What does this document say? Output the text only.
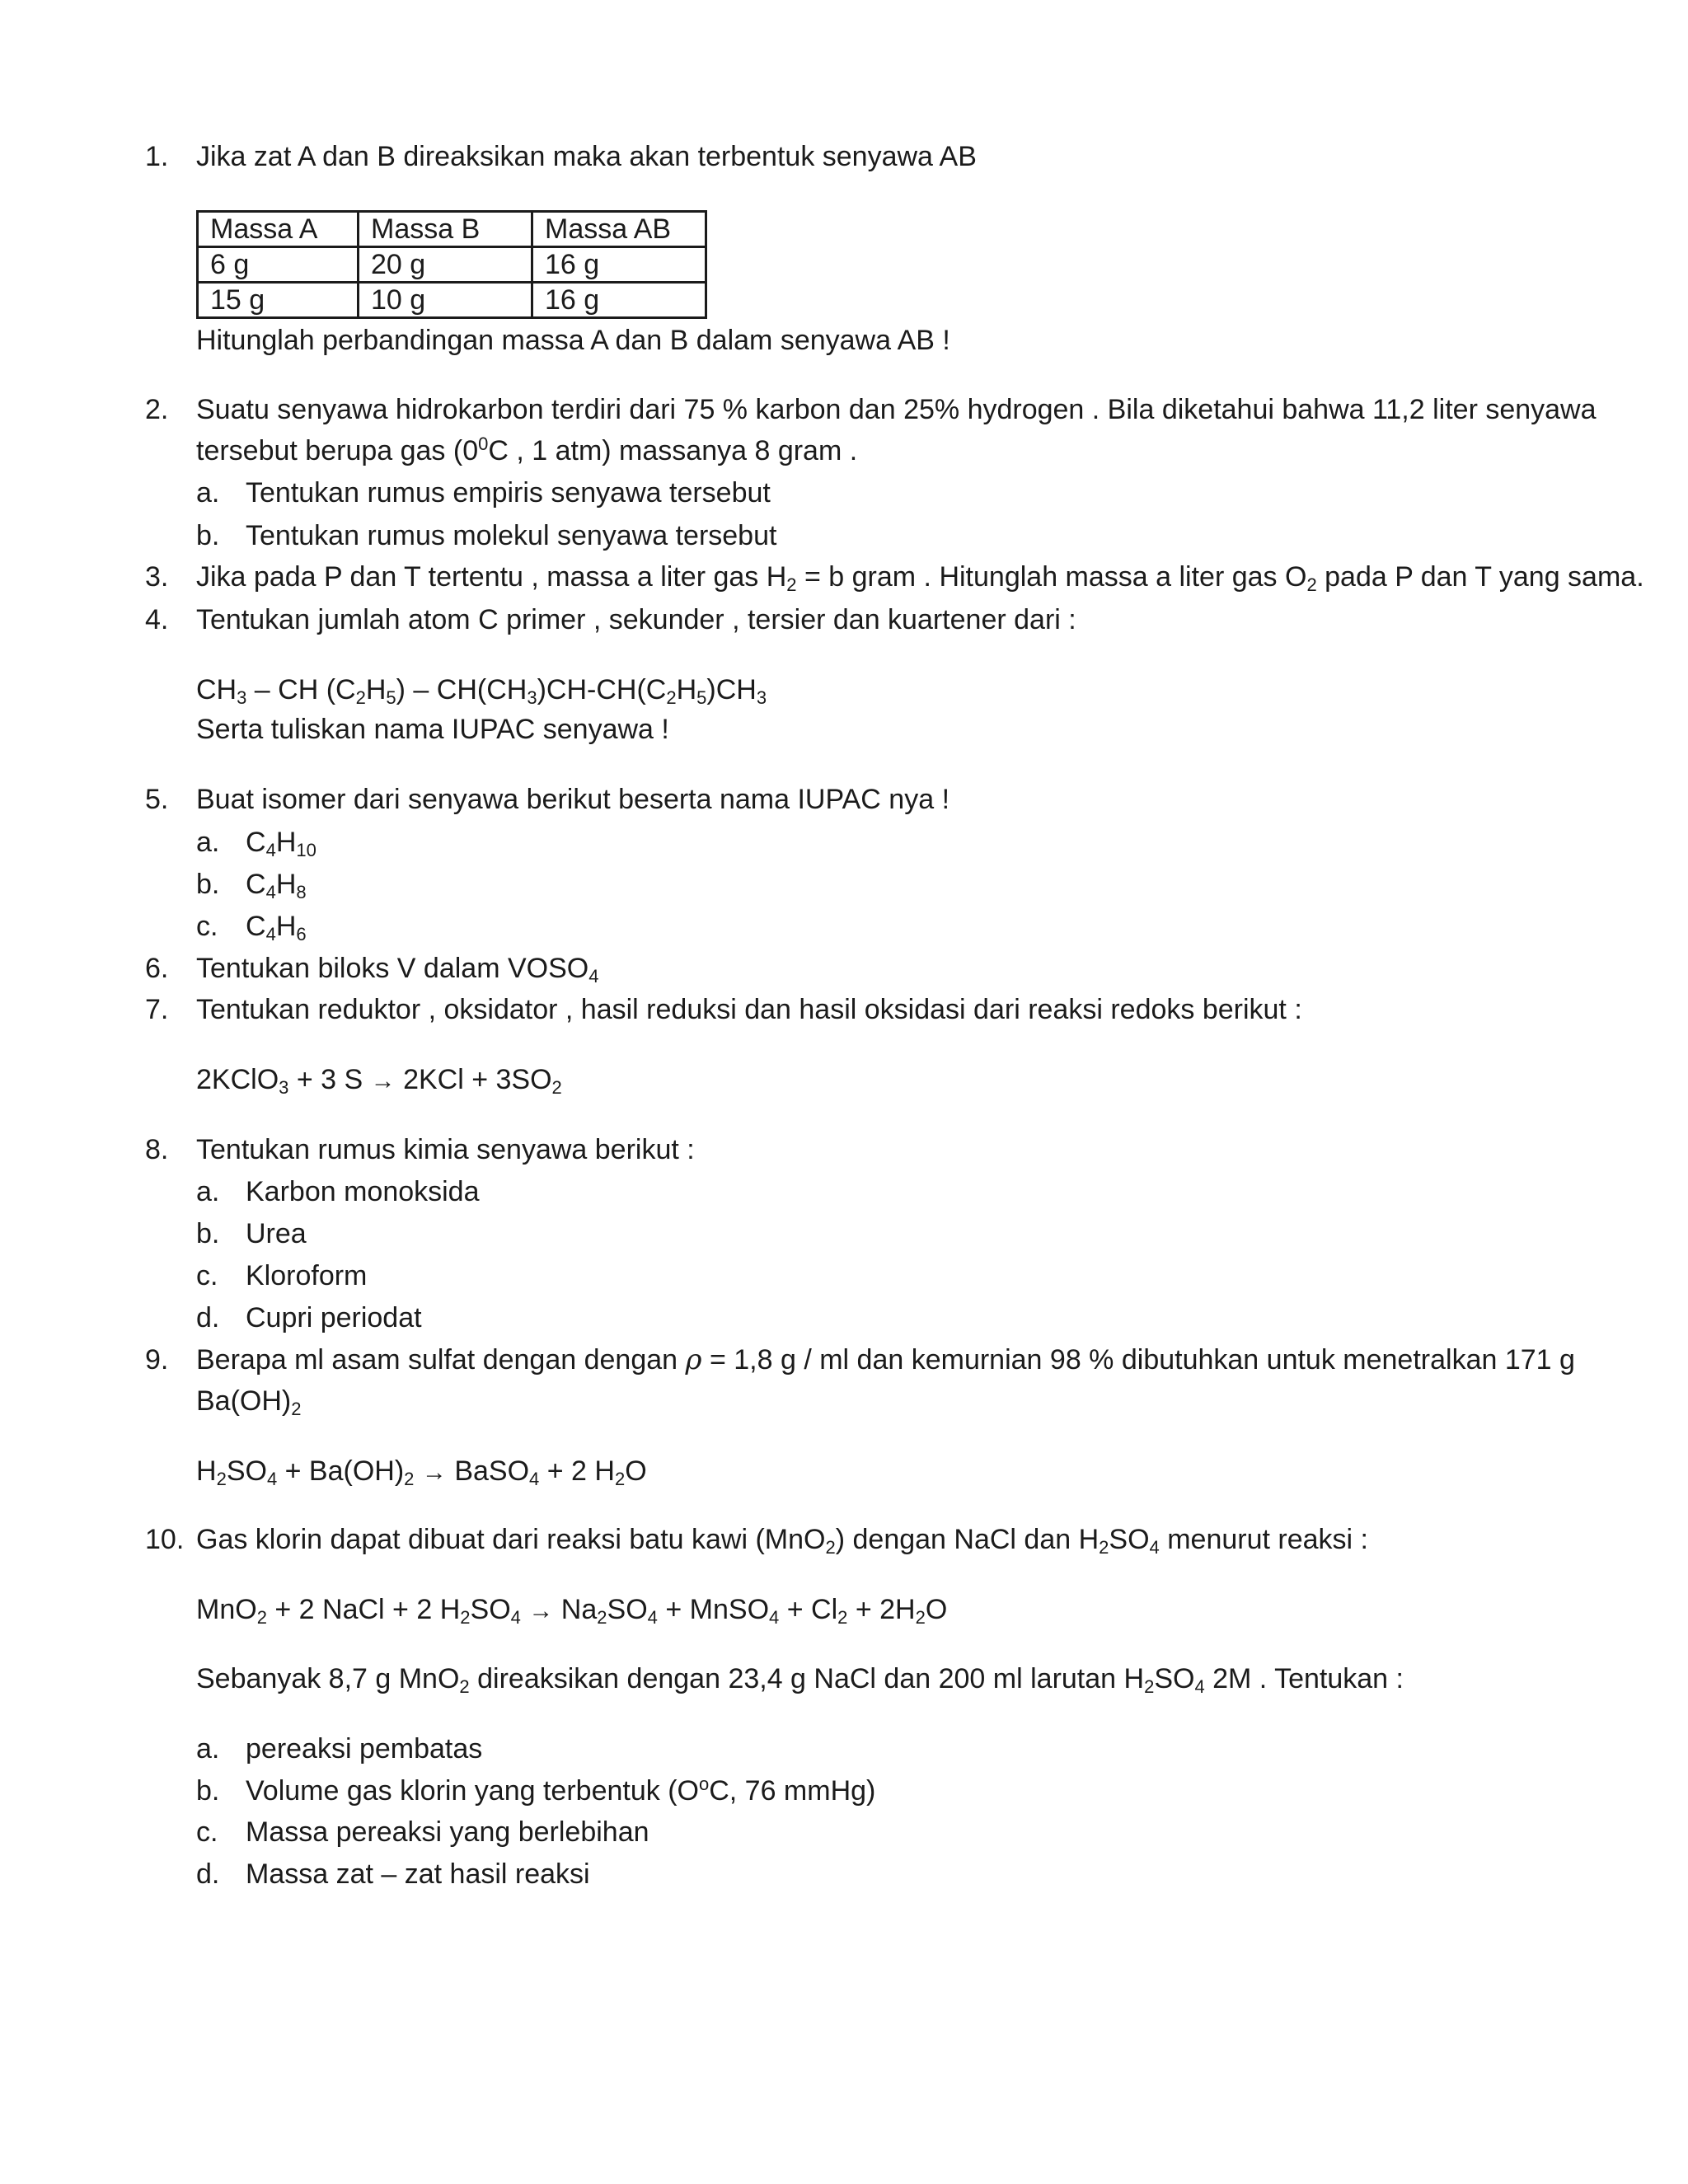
1. Jika zat A dan B direaksikan maka akan terbentuk senyawa AB
Massa A	Massa B	Massa AB
6 g	20 g	16 g
15 g	10 g	16 g
Hitunglah perbandingan massa A dan B dalam senyawa AB !
2. Suatu senyawa hidrokarbon terdiri dari 75 % karbon dan 25% hydrogen . Bila diketahui bahwa 11,2 liter senyawa
tersebut berupa gas ($0^0C$ , 1 atm) massanya 8 gram .
a. Tentukan rumus empiris senyawa tersebut
b. Tentukan rumus molekul senyawa tersebut
3. Jika pada P dan T tertentu , massa a liter gas $H_2 = b$ gram . Hitunglah massa a liter gas $O_2$ pada P dan T yang sama.
4. Tentukan jumlah atom C primer , sekunder , tersier dan kuartener dari :
$CH_3$ – CH $(C_2H_5) - CH(CH_3)CH-CH(C_2H_5)CH_3$
Serta tuliskan nama IUPAC senyawa !
5. Buat isomer dari senyawa berikut beserta nama IUPAC nya !
a. $C_4H_{10}$
b. $C_4H_8$
c. $C_4H_6$
6. Tentukan biloks V dalam $VOSO_4$
7. Tentukan reduktor , oksidator , hasil reduksi dan hasil oksidasi dari reaksi redoks berikut :
2KClO$_3$ + 3 $S \to 2KCl + 3SO_2$
8. Tentukan rumus kimia senyawa berikut :
a. Karbon monoksida
b. Urea
c. Kloroform
d. Cupri periodat
9. Berapa ml asam sulfat dengan dengan ρ = 1,8 g / ml dan kemurnian 98 % dibutuhkan untuk menetralkan 171 g
$Ba(OH)_2$
$H_2SO_4 + Ba(OH)_2$ → BaSO$_4$ + 2 $H_2O$
10. Gas klorin dapat dibuat dari reaksi batu kawi (MnO$_2$) dengan NaCl dan $H_2SO_4$ menurut reaksi :
MnO$_2$ + 2 NaCl + 2 $H_2SO_4 \to Na_2SO_4$ + MnSO$_4$ + $Cl_2 + 2H_2O$
Sebanyak 8,7 g MnO$_2$ direaksikan dengan 23,4 g NaCl dan 200 ml larutan $H_2SO_4$ 2M . Tentukan :
a. pereaksi pembatas
b. Volume gas klorin yang terbentuk ($O^oC$, 76 mmHg)
c. Massa pereaksi yang berlebihan
d. Massa zat – zat hasil reaksi
